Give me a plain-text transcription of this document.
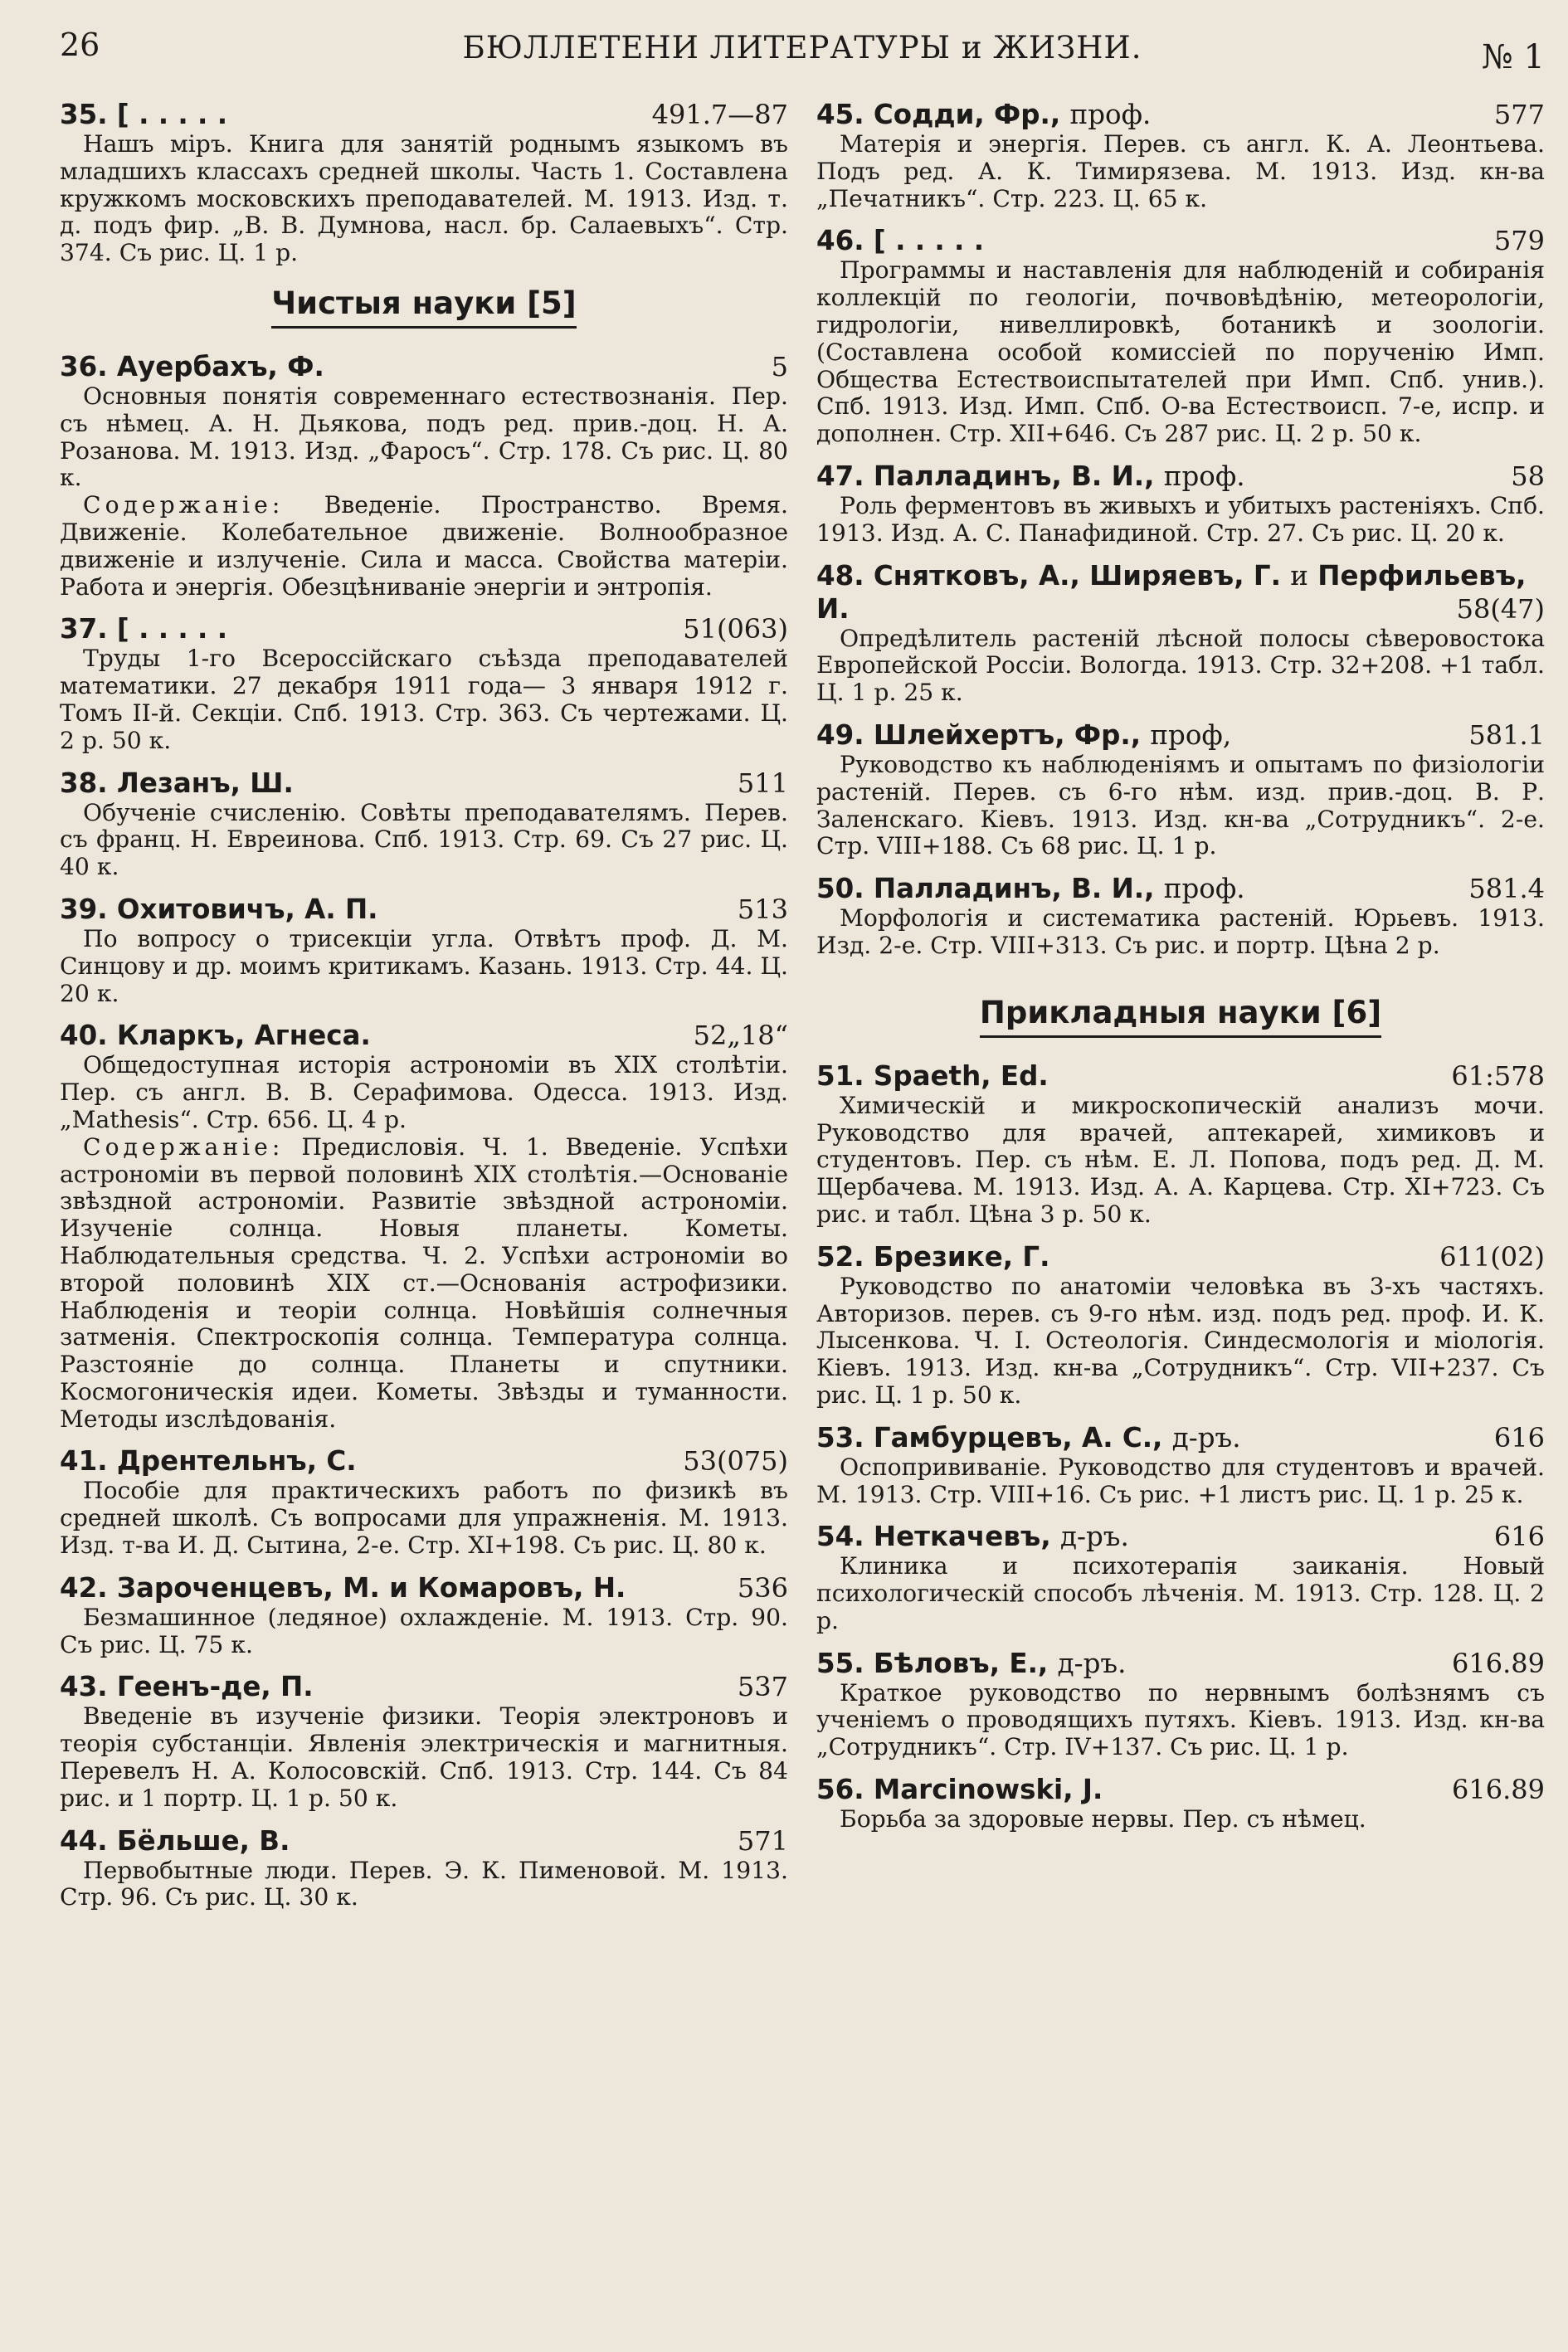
26	БЮЛЛЕТЕНИ ЛИТЕРАТУРЫ и ЖИЗНИ.	№ 1
35. [ . . . . .	491.7—87
Нашъ міръ. Книга для занятій роднымъ языкомъ въ младшихъ классахъ средней школы. Часть 1. Составлена кружкомъ московскихъ преподавателей. М. 1913. Изд. т. д. подъ фир. „В. В. Думнова, насл. бр. Салаевыхъ“. Стр. 374. Съ рис. Ц. 1 р.
Чистыя науки [5]
36. Ауербахъ, Ф.	5
Основныя понятія современнаго естествознанія. Пер. съ нѣмец. А. Н. Дьякова, подъ ред. прив.-доц. Н. А. Розанова. М. 1913. Изд. „Фаросъ“. Стр. 178. Съ рис. Ц. 80 к.
Содержаніе: Введеніе. Пространство. Время. Движеніе. Колебательное движеніе. Волнообразное движеніе и излученіе. Сила и масса. Свойства матеріи. Работа и энергія. Обезцѣниваніе энергіи и энтропія.
37. [ . . . . .	51(063)
Труды 1-го Всероссійскаго съѣзда преподавателей математики. 27 декабря 1911 года— 3 января 1912 г. Томъ II-й. Секціи. Спб. 1913. Стр. 363. Съ чертежами. Ц. 2 р. 50 к.
38. Лезанъ, Ш.	511
Обученіе счисленію. Совѣты преподавателямъ. Перев. съ франц. Н. Евреинова. Спб. 1913. Стр. 69. Съ 27 рис. Ц. 40 к.
39. Охитовичъ, А. П.	513
По вопросу о трисекціи угла. Отвѣтъ проф. Д. М. Синцову и др. моимъ критикамъ. Казань. 1913. Стр. 44. Ц. 20 к.
40. Кларкъ, Агнеса.	52„18“
Общедоступная исторія астрономіи въ XIX столѣтіи. Пер. съ англ. В. В. Серафимова. Одесса. 1913. Изд. „Mathesis“. Стр. 656. Ц. 4 р.
Содержаніе: Предисловія. Ч. 1. Введеніе. Успѣхи астрономіи въ первой половинѣ XIX столѣтія.—Основаніе звѣздной астрономіи. Развитіе звѣздной астрономіи. Изученіе солнца. Новыя планеты. Кометы. Наблюдательныя средства. Ч. 2. Успѣхи астрономіи во второй половинѣ XIX ст.—Основанія астрофизики. Наблюденія и теоріи солнца. Новѣйшія солнечныя затменія. Спектроскопія солнца. Температура солнца. Разстояніе до солнца. Планеты и спутники. Космогоническія идеи. Кометы. Звѣзды и туманности. Методы изслѣдованія.
41. Дрентельнъ, С.	53(075)
Пособіе для практическихъ работъ по физикѣ въ средней школѣ. Съ вопросами для упражненія. М. 1913. Изд. т-ва И. Д. Сытина, 2-е. Стр. XI+198. Съ рис. Ц. 80 к.
42. Зароченцевъ, М. и Комаровъ, Н.	536
Безмашинное (ледяное) охлажденіе. М. 1913. Стр. 90. Съ рис. Ц. 75 к.
43. Геенъ-де, П.	537
Введеніе въ изученіе физики. Теорія электроновъ и теорія субстанціи. Явленія электрическія и магнитныя. Перевелъ Н. А. Колосовскій. Спб. 1913. Стр. 144. Съ 84 рис. и 1 портр. Ц. 1 р. 50 к.
44. Бёльше, В.	571
Первобытные люди. Перев. Э. К. Пименовой. М. 1913. Стр. 96. Съ рис. Ц. 30 к.
45. Содди, Фр., проф.	577
Матерія и энергія. Перев. съ англ. К. А. Леонтьева. Подъ ред. А. К. Тимирязева. М. 1913. Изд. кн-ва „Печатникъ“. Стр. 223. Ц. 65 к.
46. [ . . . . .	579
Программы и наставленія для наблюденій и собиранія коллекцій по геологіи, почвовѣдѣнію, метеорологіи, гидрологіи, нивеллировкѣ, ботаникѣ и зоологіи. (Составлена особой комиссіей по порученію Имп. Общества Естествоиспытателей при Имп. Спб. унив.). Спб. 1913. Изд. Имп. Спб. О-ва Естествоисп. 7-е, испр. и дополнен. Стр. XII+646. Съ 287 рис. Ц. 2 р. 50 к.
47. Палладинъ, В. И., проф.	58
Роль ферментовъ въ живыхъ и убитыхъ растеніяхъ. Спб. 1913. Изд. А. С. Панафидиной. Стр. 27. Съ рис. Ц. 20 к.
48. Снятковъ, А., Ширяевъ, Г. и Перфильевъ, И.	58(47)
Опредѣлитель растеній лѣсной полосы сѣверовостока Европейской Россіи. Вологда. 1913. Стр. 32+208. +1 табл. Ц. 1 р. 25 к.
49. Шлейхертъ, Фр., проф,	581.1
Руководство къ наблюденіямъ и опытамъ по физіологіи растеній. Перев. съ 6-го нѣм. изд. прив.-доц. В. Р. Заленскаго. Кіевъ. 1913. Изд. кн-ва „Сотрудникъ“. 2-е. Стр. VIII+188. Съ 68 рис. Ц. 1 р.
50. Палладинъ, В. И., проф.	581.4
Морфологія и систематика растеній. Юрьевъ. 1913. Изд. 2-е. Стр. VIII+313. Съ рис. и портр. Цѣна 2 р.
Прикладныя науки [6]
51. Spaeth, Ed.	61:578
Химическій и микроскопическій анализъ мочи. Руководство для врачей, аптекарей, химиковъ и студентовъ. Пер. съ нѣм. Е. Л. Попова, подъ ред. Д. М. Щербачева. М. 1913. Изд. А. А. Карцева. Стр. XI+723. Съ рис. и табл. Цѣна 3 р. 50 к.
52. Брезике, Г.	611(02)
Руководство по анатоміи человѣка въ 3-хъ частяхъ. Авторизов. перев. съ 9-го нѣм. изд. подъ ред. проф. И. К. Лысенкова. Ч. I. Остеологія. Синдесмологія и міологія. Кіевъ. 1913. Изд. кн-ва „Сотрудникъ“. Стр. VII+237. Съ рис. Ц. 1 р. 50 к.
53. Гамбурцевъ, А. С., д-ръ.	616
Оспопрививаніе. Руководство для студентовъ и врачей. М. 1913. Стр. VIII+16. Съ рис. +1 листъ рис. Ц. 1 р. 25 к.
54. Неткачевъ, д-ръ.	616
Клиника и психотерапія заиканія. Новый психологическій способъ лѣченія. М. 1913. Стр. 128. Ц. 2 р.
55. Бѣловъ, Е., д-ръ.	616.89
Краткое руководство по нервнымъ болѣзнямъ съ ученіемъ о проводящихъ путяхъ. Кіевъ. 1913. Изд. кн-ва „Сотрудникъ“. Стр. IV+137. Съ рис. Ц. 1 р.
56. Marcinowski, J.	616.89
Борьба за здоровые нервы. Пер. съ нѣмец.
